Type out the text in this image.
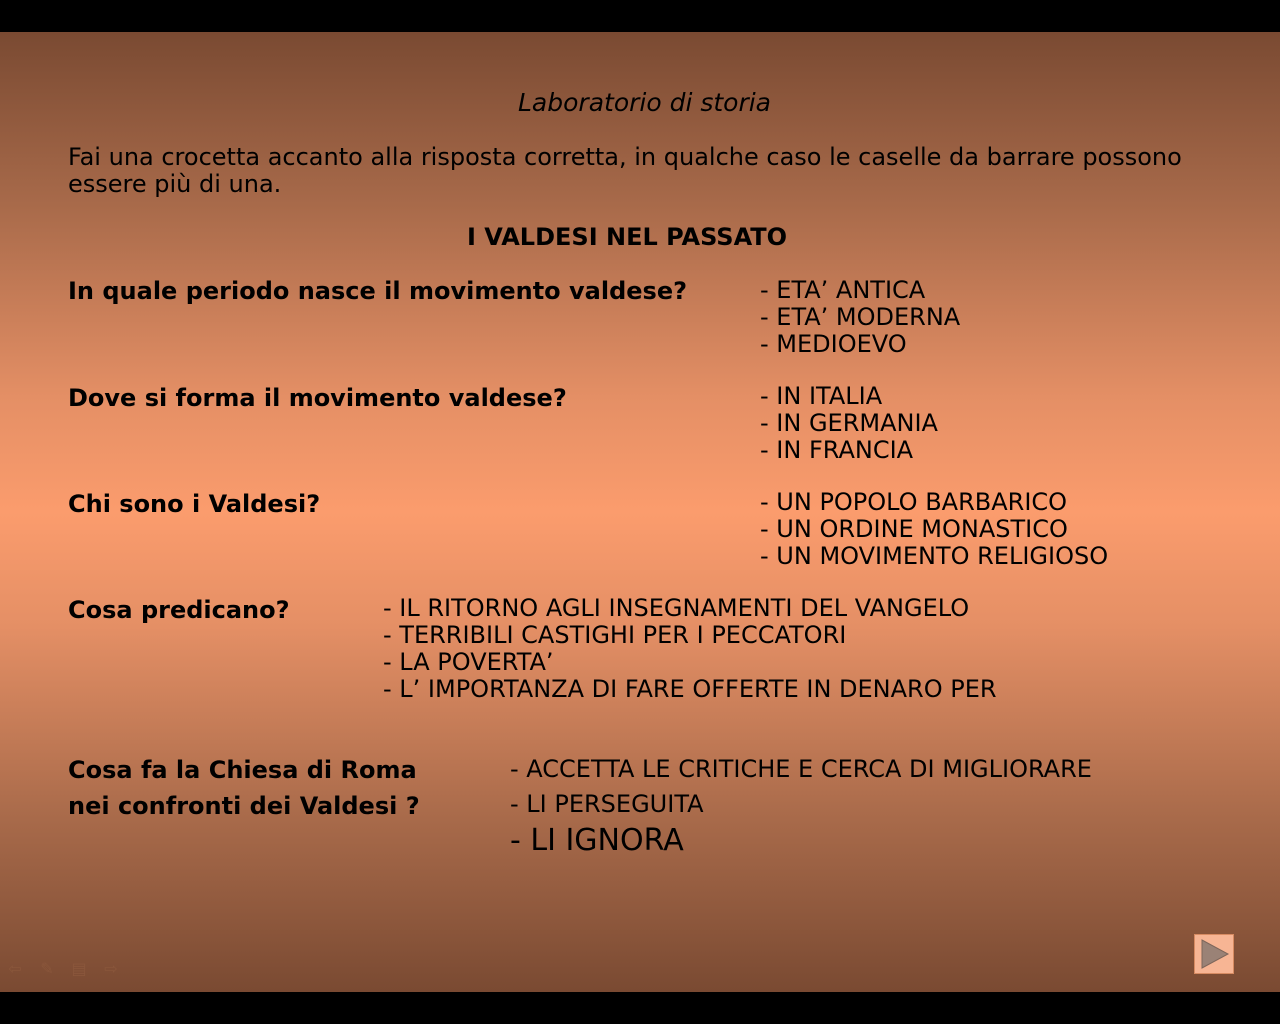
Laboratorio di storia
Fai una crocetta accanto alla risposta corretta, in qualche caso le caselle da barrare possono essere più di una.
I VALDESI NEL PASSATO
In quale periodo nasce il movimento valdese?	- ETA’ ANTICA
- ETA’ MODERNA
- MEDIOEVO
Dove si forma il movimento valdese?	- IN ITALIA
- IN GERMANIA
- IN FRANCIA
Chi sono i Valdesi?	- UN POPOLO BARBARICO
- UN ORDINE MONASTICO
- UN MOVIMENTO RELIGIOSO
Cosa predicano?	- IL RITORNO AGLI INSEGNAMENTI DEL VANGELO
- TERRIBILI CASTIGHI PER I PECCATORI
- LA POVERTA’
- L’ IMPORTANZA DI FARE OFFERTE IN DENARO PER
Cosa fa la Chiesa di Roma
nei confronti dei Valdesi ?
- ACCETTA LE CRITICHE E CERCA DI MIGLIORARE
- LI PERSEGUITA
- LI IGNORA
⇦ ✎ ▤ ⇨
